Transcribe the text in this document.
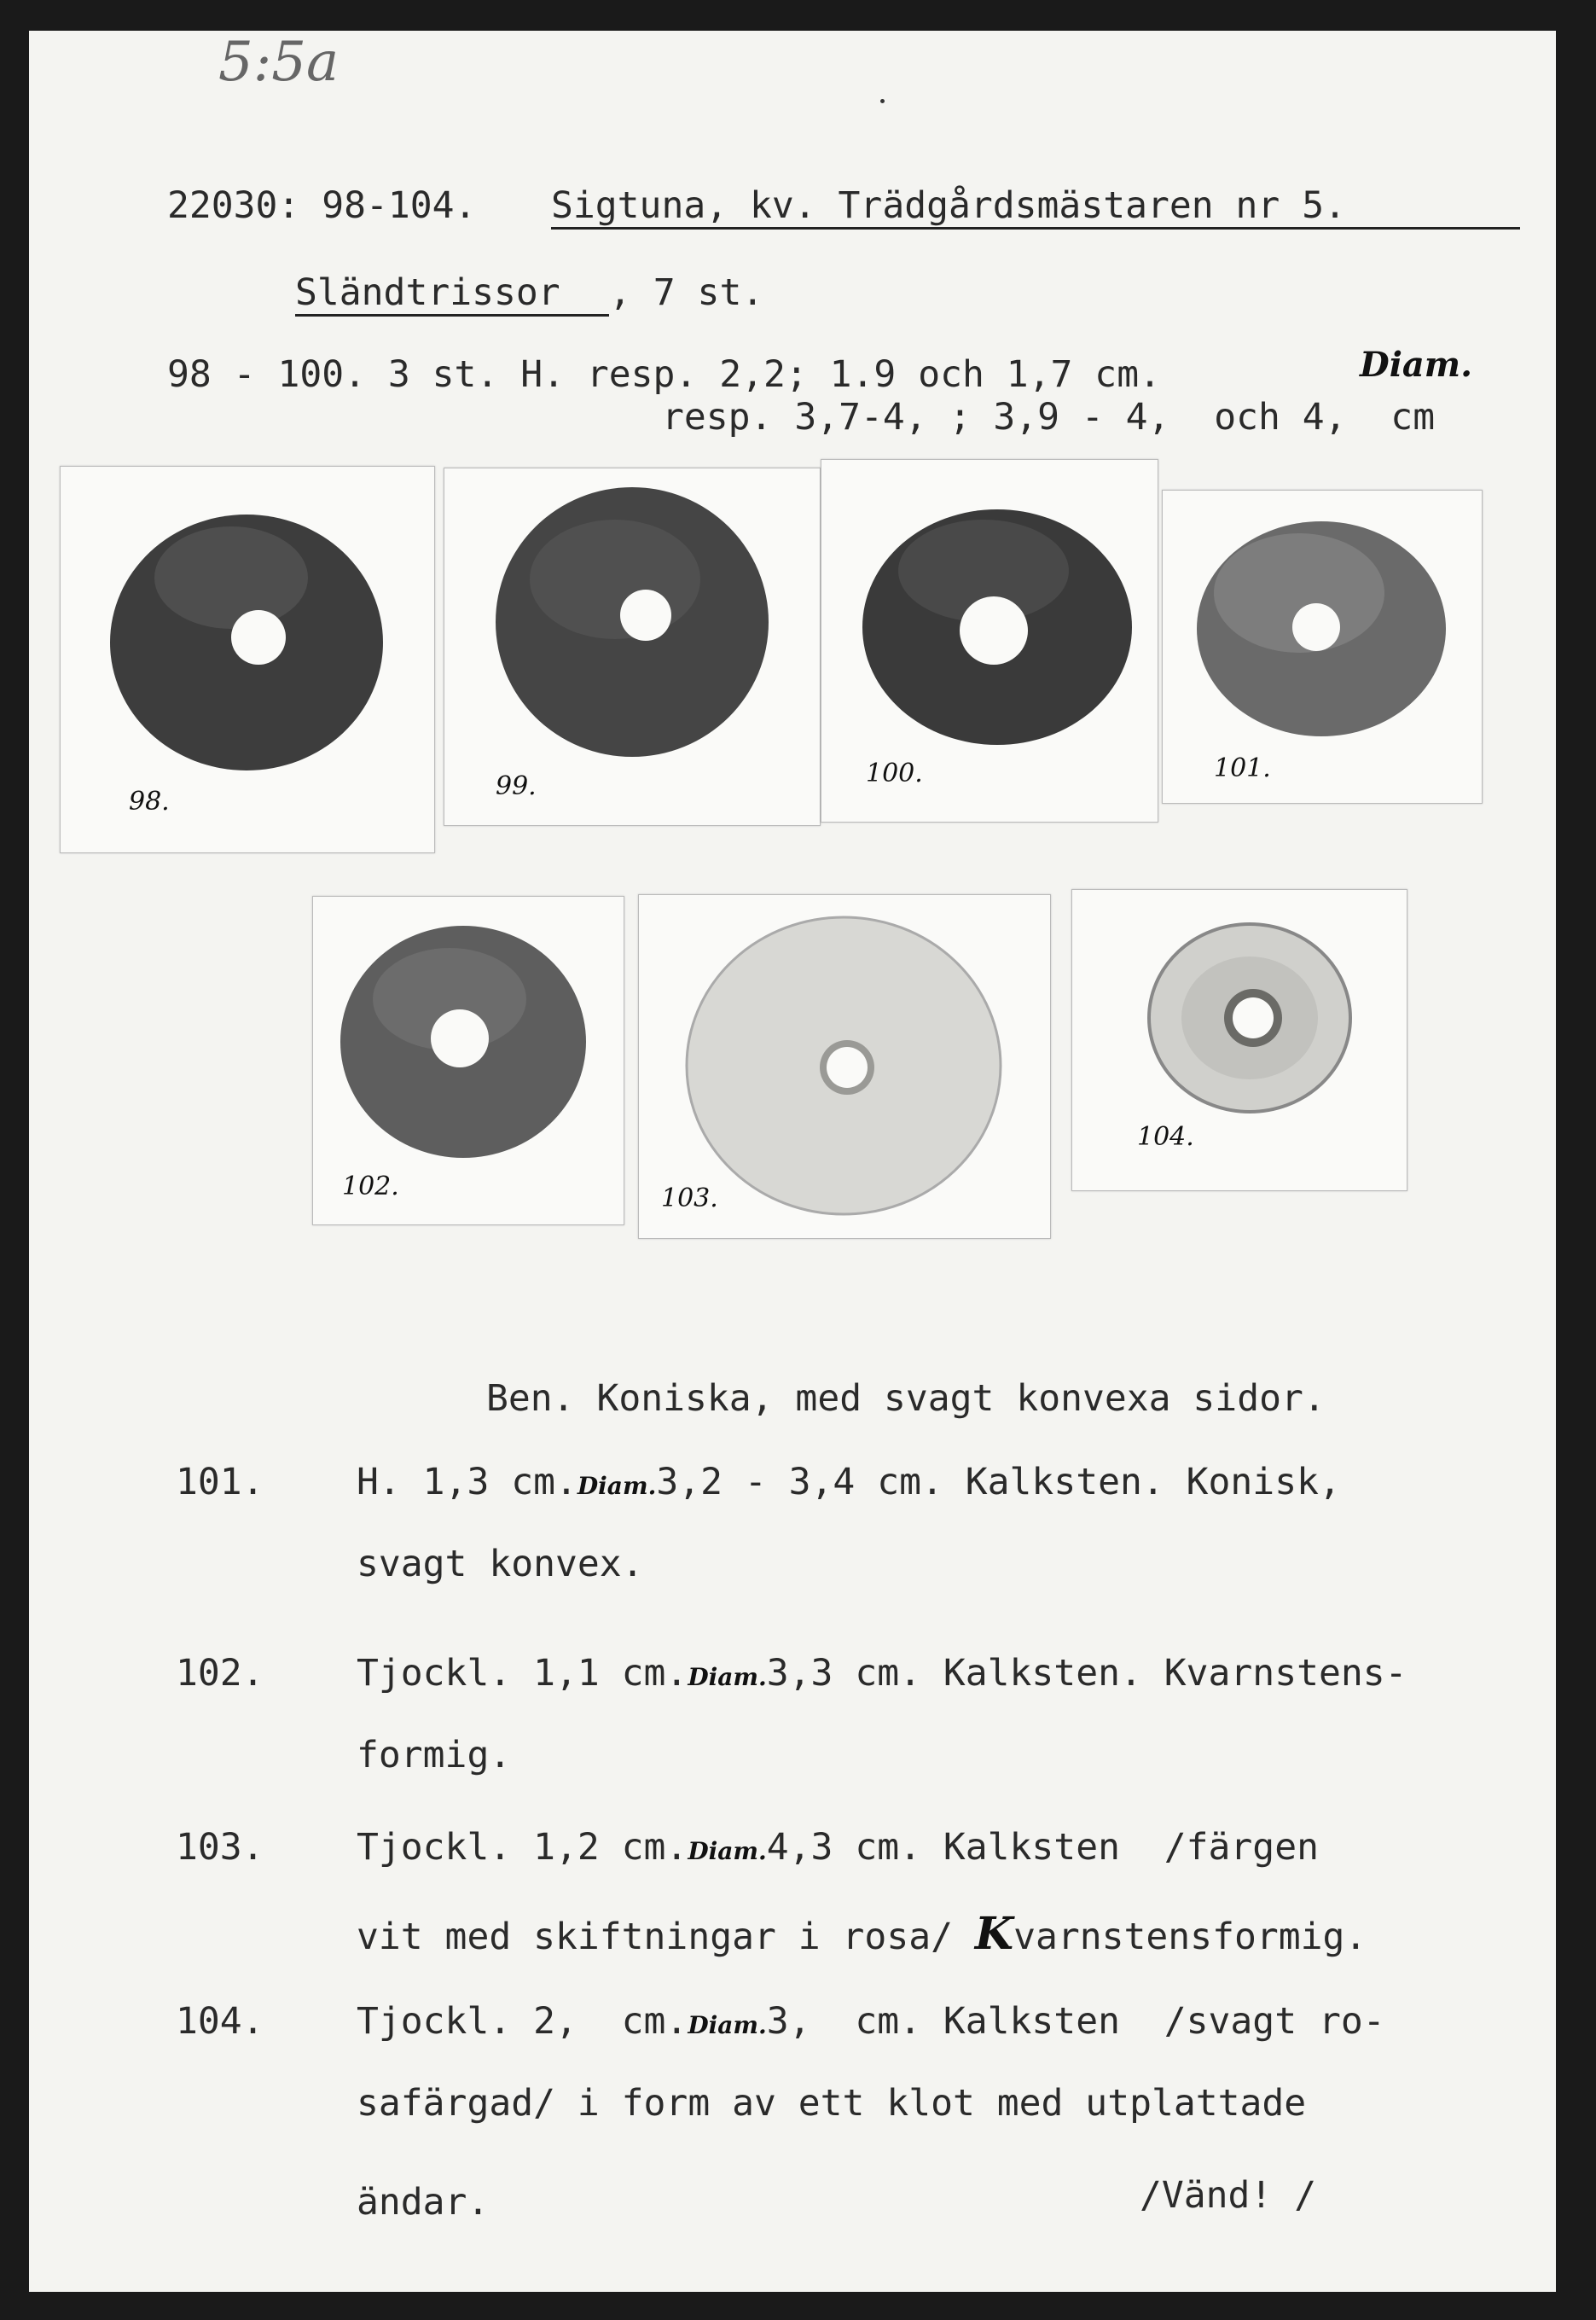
5:5a
22030: 98-104. Sigtuna, kv. Trädgårdsmästaren nr 5.
Sländtrissor , 7 st.
98 - 100. 3 st. H. resp. 2,2; 1.9 och 1,7 cm.	Diam.
resp. 3,7-4, ; 3,9 - 4,  och 4,  cm
98.
99.	100.	101.
102.	103.
104.
Ben. Koniska, med svagt konvexa sidor.
101.	H. 1,3 cm.Diam.3,2 - 3,4 cm. Kalksten. Konisk,
svagt konvex.
102.	Tjockl. 1,1 cm.Diam.3,3 cm. Kalksten. Kvarnstens-
formig.
103.	Tjockl. 1,2 cm.Diam.4,3 cm. Kalksten  /färgen
vit med skiftningar i rosa/ Kvarnstensformig.
104.	Tjockl. 2,  cm.Diam.3,  cm. Kalksten  /svagt ro-
safärgad/ i form av ett klot med utplattade
ändar.	/Vänd! /
